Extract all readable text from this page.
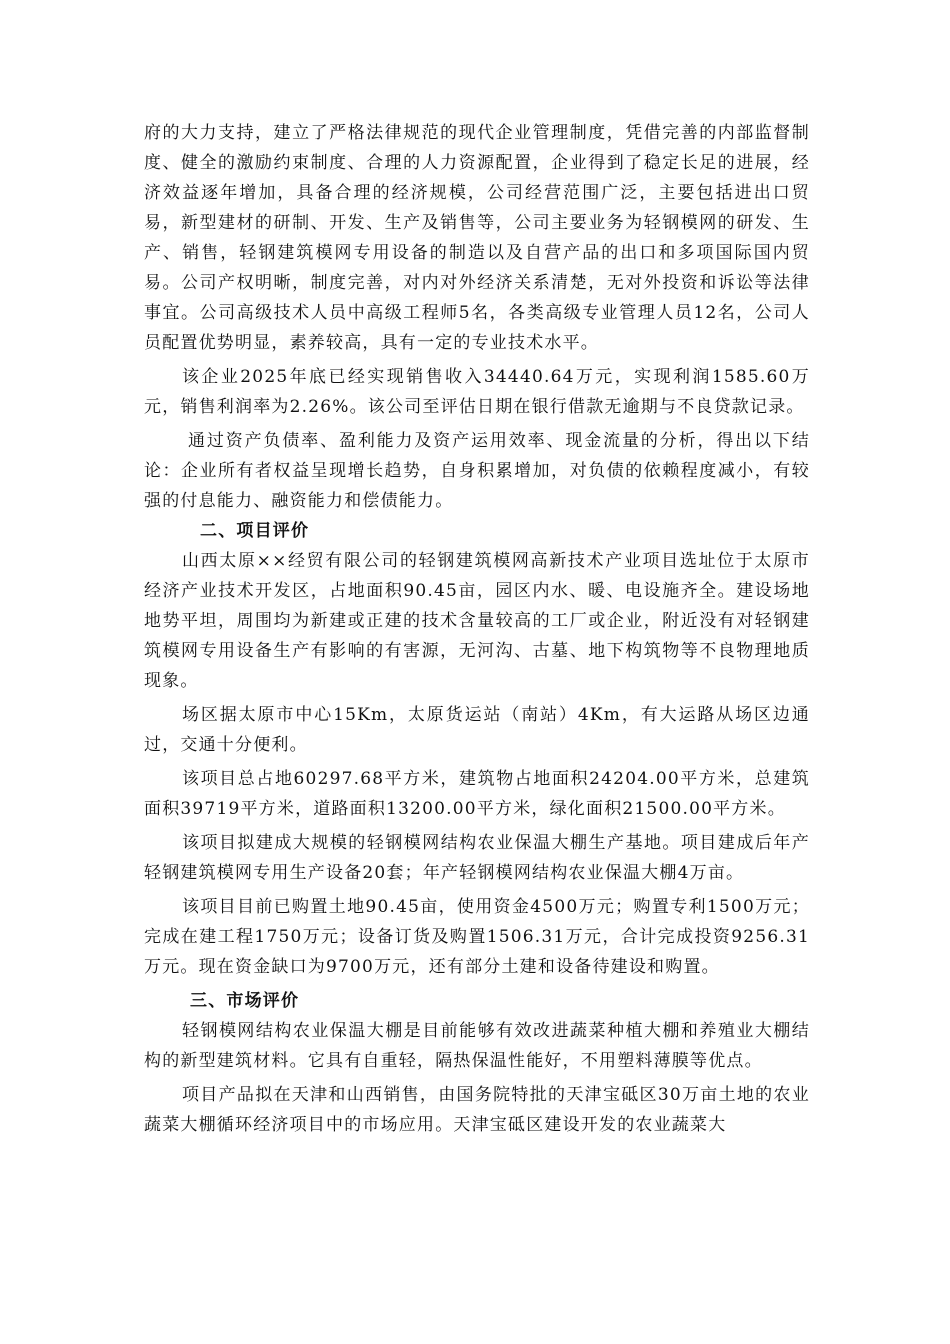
府的大力支持，建立了严格法律规范的现代企业管理制度，凭借完善的内部监督制度、健全的激励约束制度、合理的人力资源配置，企业得到了稳定长足的进展，经济效益逐年增加，具备合理的经济规模，公司经营范围广泛，主要包括进出口贸易，新型建材的研制、开发、生产及销售等，公司主要业务为轻钢模网的研发、生产、销售，轻钢建筑模网专用设备的制造以及自营产品的出口和多项国际国内贸易。公司产权明晰，制度完善，对内对外经济关系清楚，无对外投资和诉讼等法律事宜。公司高级技术人员中高级工程师5名，各类高级专业管理人员12名，公司人员配置优势明显，素养较高，具有一定的专业技术水平。

该企业2025年底已经实现销售收入34440.64万元，实现利润1585.60万元，销售利润率为2.26%。该公司至评估日期在银行借款无逾期与不良贷款记录。

通过资产负债率、盈利能力及资产运用效率、现金流量的分析，得出以下结论：企业所有者权益呈现增长趋势，自身积累增加，对负债的依赖程度减小，有较强的付息能力、融资能力和偿债能力。

二、项目评价

山西太原××经贸有限公司的轻钢建筑模网高新技术产业项目选址位于太原市经济产业技术开发区，占地面积90.45亩，园区内水、暖、电设施齐全。建设场地地势平坦，周围均为新建或正建的技术含量较高的工厂或企业，附近没有对轻钢建筑模网专用设备生产有影响的有害源，无河沟、古墓、地下构筑物等不良物理地质现象。

场区据太原市中心15Km，太原货运站（南站）4Km，有大运路从场区边通过，交通十分便利。

该项目总占地60297.68平方米，建筑物占地面积24204.00平方米，总建筑面积39719平方米，道路面积13200.00平方米，绿化面积21500.00平方米。

该项目拟建成大规模的轻钢模网结构农业保温大棚生产基地。项目建成后年产轻钢建筑模网专用生产设备20套；年产轻钢模网结构农业保温大棚4万亩。

该项目目前已购置土地90.45亩，使用资金4500万元；购置专利1500万元；完成在建工程1750万元；设备订货及购置1506.31万元，合计完成投资9256.31万元。现在资金缺口为9700万元，还有部分土建和设备待建设和购置。

三、市场评价

轻钢模网结构农业保温大棚是目前能够有效改进蔬菜种植大棚和养殖业大棚结构的新型建筑材料。它具有自重轻，隔热保温性能好，不用塑料薄膜等优点。

项目产品拟在天津和山西销售，由国务院特批的天津宝砥区30万亩土地的农业蔬菜大棚循环经济项目中的市场应用。天津宝砥区建设开发的农业蔬菜大
